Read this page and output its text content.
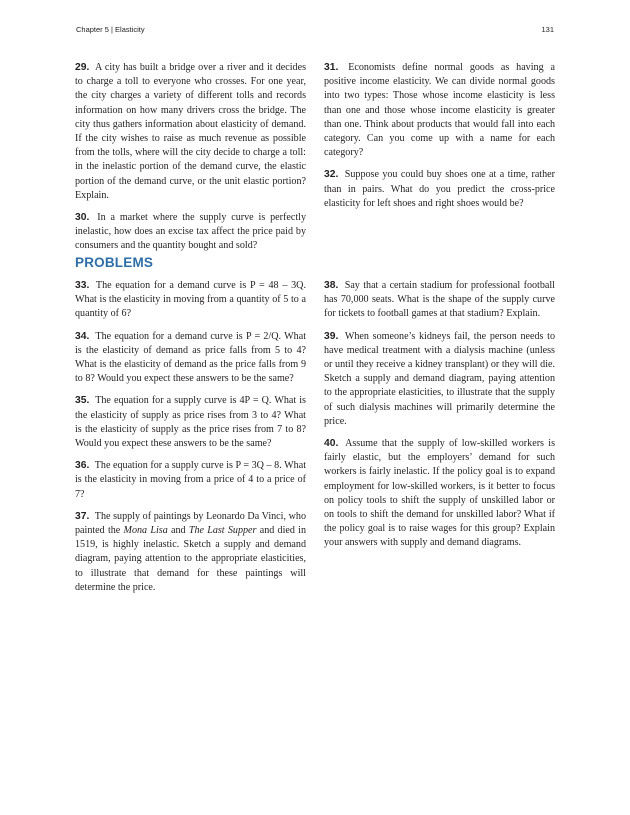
Chapter 5 | Elasticity	131

29. A city has built a bridge over a river and it decides to charge a toll to everyone who crosses. For one year, the city charges a variety of different tolls and records information on how many drivers cross the bridge. The city thus gathers information about elasticity of demand. If the city wishes to raise as much revenue as possible from the tolls, where will the city decide to charge a toll: in the inelastic portion of the demand curve, the elastic portion of the demand curve, or the unit elastic portion? Explain.

30. In a market where the supply curve is perfectly inelastic, how does an excise tax affect the price paid by consumers and the quantity bought and sold?

31. Economists define normal goods as having a positive income elasticity. We can divide normal goods into two types: Those whose income elasticity is less than one and those whose income elasticity is greater than one. Think about products that would fall into each category. Can you come up with a name for each category?

32. Suppose you could buy shoes one at a time, rather than in pairs. What do you predict the cross-price elasticity for left shoes and right shoes would be?

PROBLEMS

33. The equation for a demand curve is P = 48 – 3Q. What is the elasticity in moving from a quantity of 5 to a quantity of 6?

34. The equation for a demand curve is P = 2/Q. What is the elasticity of demand as price falls from 5 to 4? What is the elasticity of demand as the price falls from 9 to 8? Would you expect these answers to be the same?

35. The equation for a supply curve is 4P = Q. What is the elasticity of supply as price rises from 3 to 4? What is the elasticity of supply as the price rises from 7 to 8? Would you expect these answers to be the same?

36. The equation for a supply curve is P = 3Q – 8. What is the elasticity in moving from a price of 4 to a price of 7?

37. The supply of paintings by Leonardo Da Vinci, who painted the Mona Lisa and The Last Supper and died in 1519, is highly inelastic. Sketch a supply and demand diagram, paying attention to the appropriate elasticities, to illustrate that demand for these paintings will determine the price.

38. Say that a certain stadium for professional football has 70,000 seats. What is the shape of the supply curve for tickets to football games at that stadium? Explain.

39. When someone’s kidneys fail, the person needs to have medical treatment with a dialysis machine (unless or until they receive a kidney transplant) or they will die. Sketch a supply and demand diagram, paying attention to the appropriate elasticities, to illustrate that the supply of such dialysis machines will primarily determine the price.

40. Assume that the supply of low-skilled workers is fairly elastic, but the employers’ demand for such workers is fairly inelastic. If the policy goal is to expand employment for low-skilled workers, is it better to focus on policy tools to shift the supply of unskilled labor or on tools to shift the demand for unskilled labor? What if the policy goal is to raise wages for this group? Explain your answers with supply and demand diagrams.
